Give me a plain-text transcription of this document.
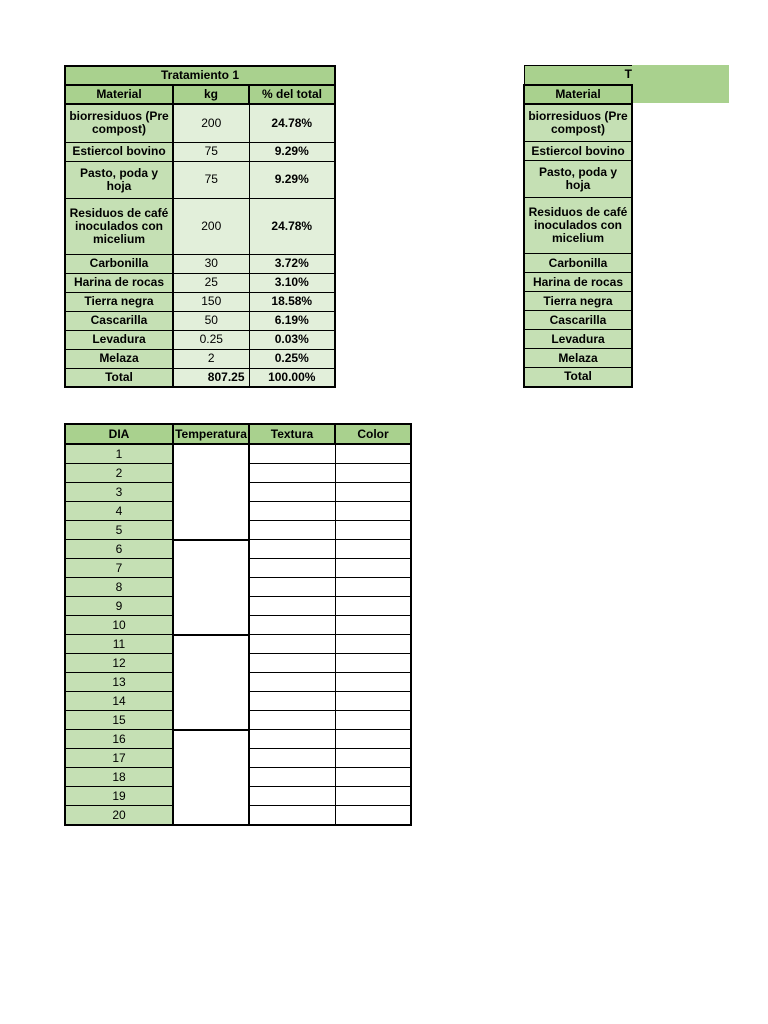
Tratamiento 1		
Material	kg	% del total
biorresiduos (Pre compost)	200	24.78%
Estiercol bovino	75	9.29%
Pasto, poda y hoja	75	9.29%
Residuos de café inoculados con micelium	200	24.78%
Carbonilla	30	3.72%
Harina de rocas	25	3.10%
Tierra negra	150	18.58%
Cascarilla	50	6.19%
Levadura	0.25	0.03%
Melaza	2	0.25%
Total	807.25	100.00%
T
Material
biorresiduos (Pre compost)
Estiercol bovino
Pasto, poda y hoja
Residuos de café inoculados con micelium
Carbonilla
Harina de rocas
Tierra negra
Cascarilla
Levadura
Melaza
Total
DIA	Temperatura	Textura	Color
1			
2			
3			
4			
5			
6			
7			
8			
9			
10			
11			
12			
13			
14			
15			
16			
17			
18			
19			
20			
